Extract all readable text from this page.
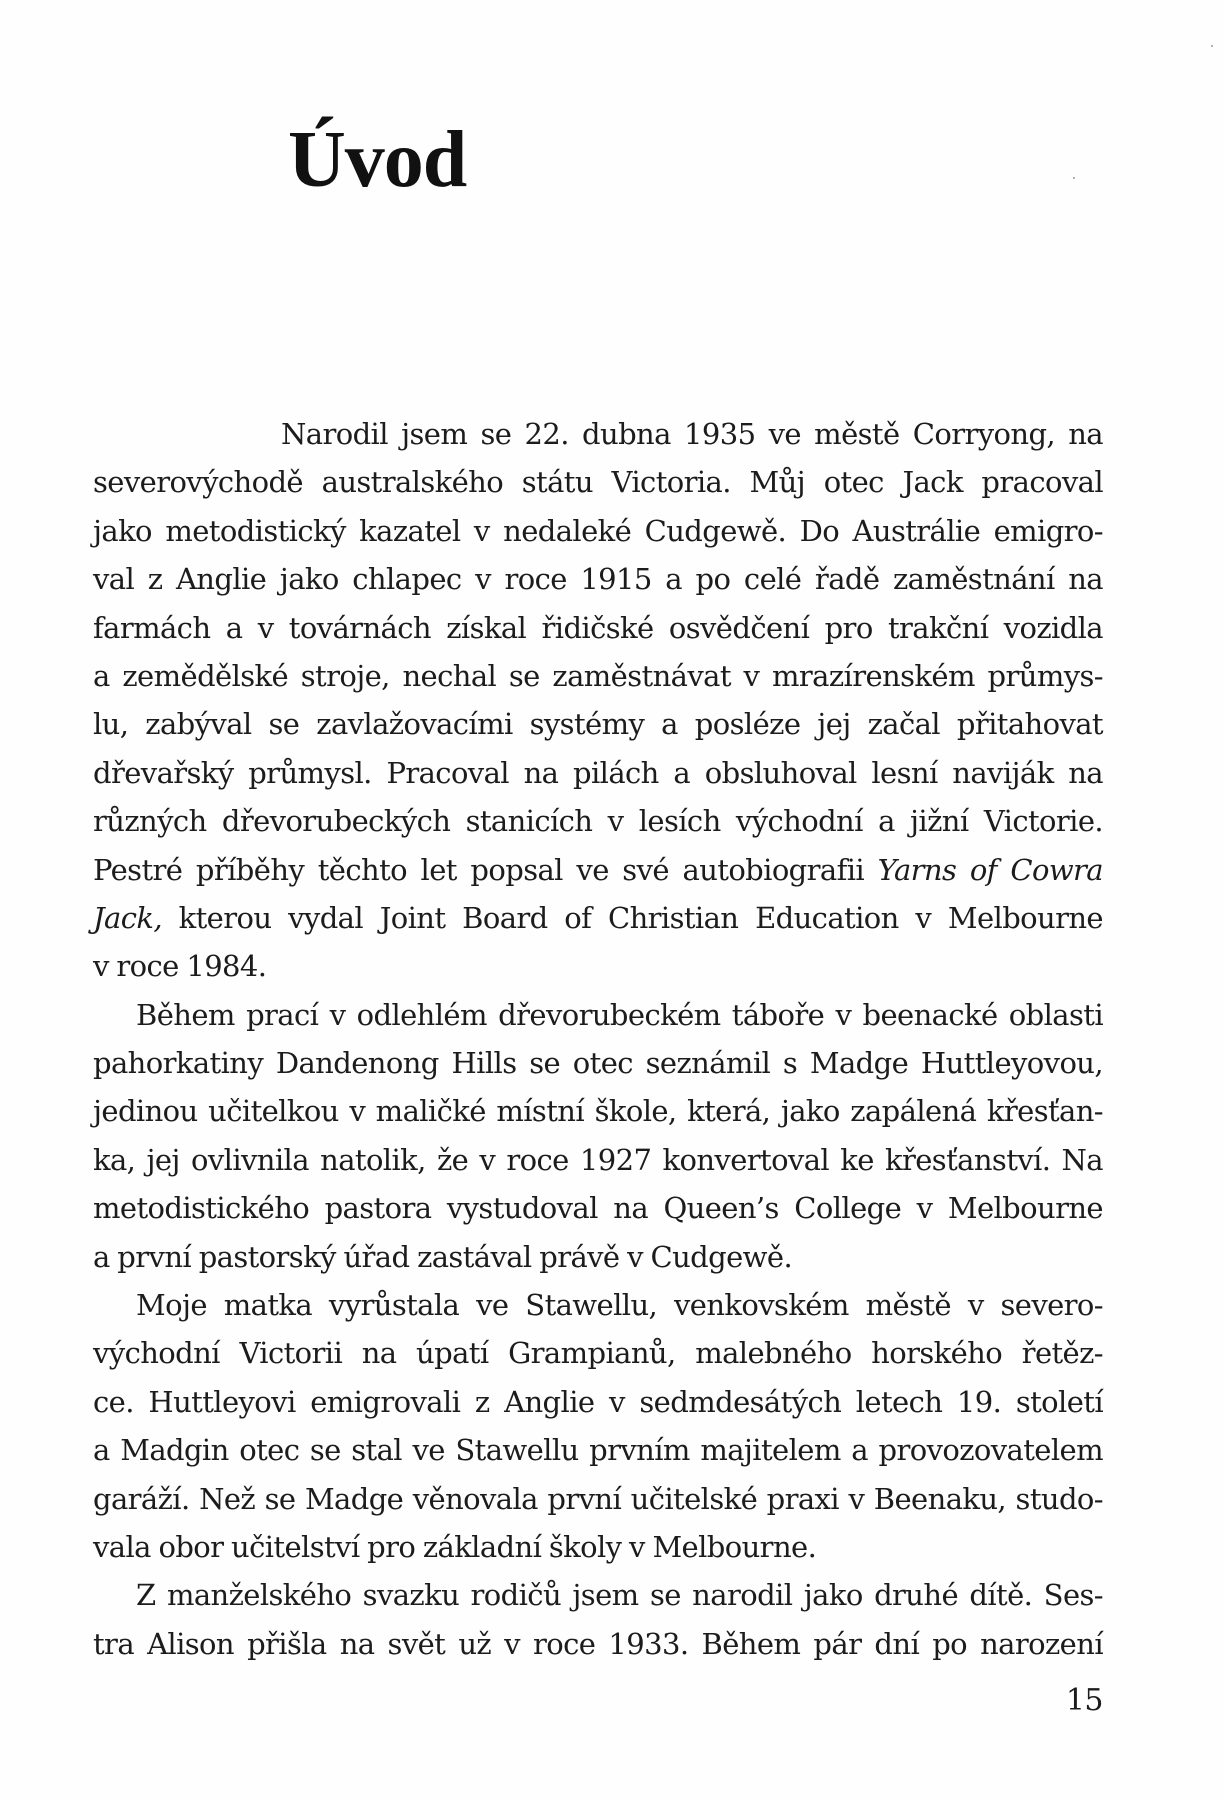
Úvod
Narodil jsem se 22. dubna 1935 ve městě Corryong, na
severovýchodě australského státu Victoria. Můj otec Jack pracoval
jako metodistický kazatel v nedaleké Cudgewě. Do Austrálie emigro-
val z Anglie jako chlapec v roce 1915 a po celé řadě zaměstnání na
farmách a v továrnách získal řidičské osvědčení pro trakční vozidla
a zemědělské stroje, nechal se zaměstnávat v mrazírenském průmys-
lu, zabýval se zavlažovacími systémy a posléze jej začal přitahovat
dřevařský průmysl. Pracoval na pilách a obsluhoval lesní naviják na
různých dřevorubeckých stanicích v lesích východní a jižní Victorie.
Pestré příběhy těchto let popsal ve své autobiografii Yarns of Cowra
Jack, kterou vydal Joint Board of Christian Education v Melbourne
v roce 1984.
Během prací v odlehlém dřevorubeckém táboře v beenacké oblasti
pahorkatiny Dandenong Hills se otec seznámil s Madge Huttleyovou,
jedinou učitelkou v maličké místní škole, která, jako zapálená křesťan-
ka, jej ovlivnila natolik, že v roce 1927 konvertoval ke křesťanství. Na
metodistického pastora vystudoval na Queen’s College v Melbourne
a první pastorský úřad zastával právě v Cudgewě.
Moje matka vyrůstala ve Stawellu, venkovském městě v severo-
východní Victorii na úpatí Grampianů, malebného horského řetěz-
ce. Huttleyovi emigrovali z Anglie v sedmdesátých letech 19. století
a Madgin otec se stal ve Stawellu prvním majitelem a provozovatelem
garáží. Než se Madge věnovala první učitelské praxi v Beenaku, studo-
vala obor učitelství pro základní školy v Melbourne.
Z manželského svazku rodičů jsem se narodil jako druhé dítě. Ses-
tra Alison přišla na svět už v roce 1933. Během pár dní po narození
15
